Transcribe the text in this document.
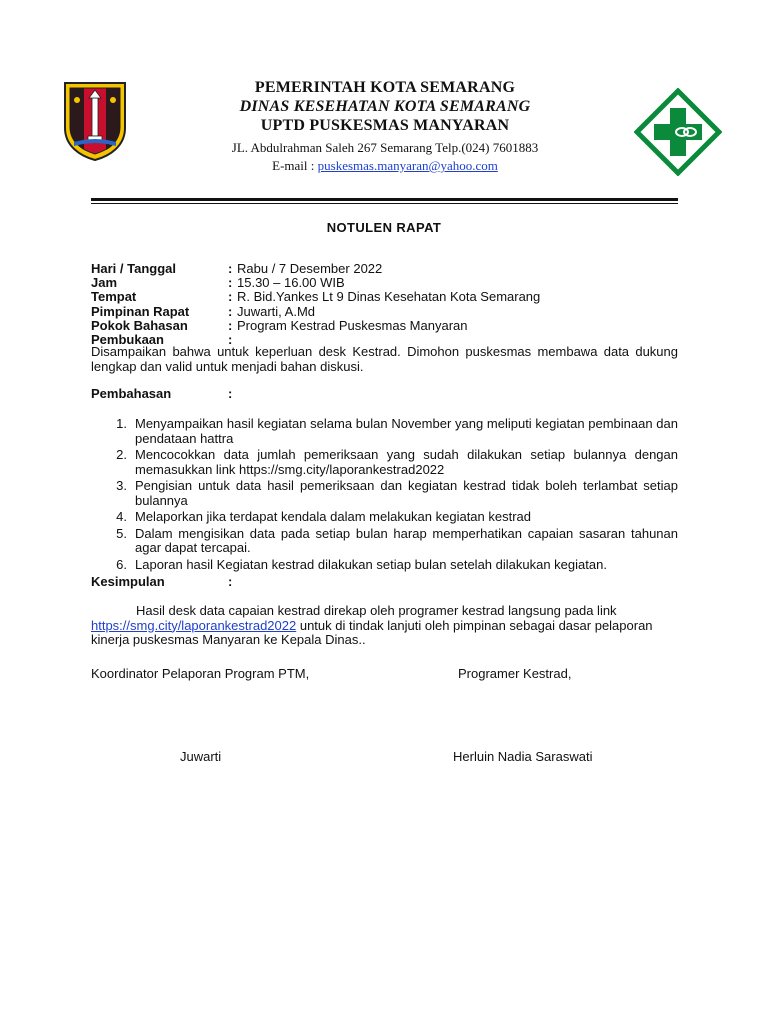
PEMERINTAH KOTA SEMARANG
DINAS KESEHATAN KOTA SEMARANG
UPTD PUSKESMAS MANYARAN
JL. Abdulrahman Saleh 267 Semarang Telp.(024) 7601883
E-mail : puskesmas.manyaran@yahoo.com
NOTULEN RAPAT
Hari / Tanggal	: Rabu / 7 Desember 2022
Jam	: 15.30 – 16.00 WIB
Tempat	: R. Bid.Yankes Lt 9 Dinas Kesehatan Kota Semarang
Pimpinan Rapat	: Juwarti, A.Md
Pokok Bahasan	: Program Kestrad Puskesmas Manyaran
Pembukaan	:
Disampaikan bahwa untuk keperluan desk Kestrad. Dimohon puskesmas membawa data dukung lengkap dan valid untuk menjadi bahan diskusi.
Pembahasan	:
1. Menyampaikan hasil kegiatan selama bulan November yang meliputi kegiatan pembinaan dan pendataan hattra
2. Mencocokkan data jumlah pemeriksaan yang sudah dilakukan setiap bulannya dengan memasukkan link https://smg.city/laporankestrad2022
3. Pengisian untuk data hasil pemeriksaan dan kegiatan kestrad tidak boleh terlambat setiap bulannya
4. Melaporkan jika terdapat kendala dalam melakukan kegiatan kestrad
5. Dalam mengisikan data pada setiap bulan harap memperhatikan capaian sasaran tahunan agar dapat tercapai.
6. Laporan hasil Kegiatan kestrad dilakukan setiap bulan setelah dilakukan kegiatan.
Kesimpulan	:
Hasil desk data capaian kestrad direkap oleh programer kestrad langsung pada link https://smg.city/laporankestrad2022 untuk di tindak lanjuti oleh pimpinan sebagai dasar pelaporan kinerja puskesmas Manyaran ke Kepala Dinas..
Koordinator Pelaporan Program PTM,	Programer Kestrad,
Juwarti	Herluin Nadia Saraswati
